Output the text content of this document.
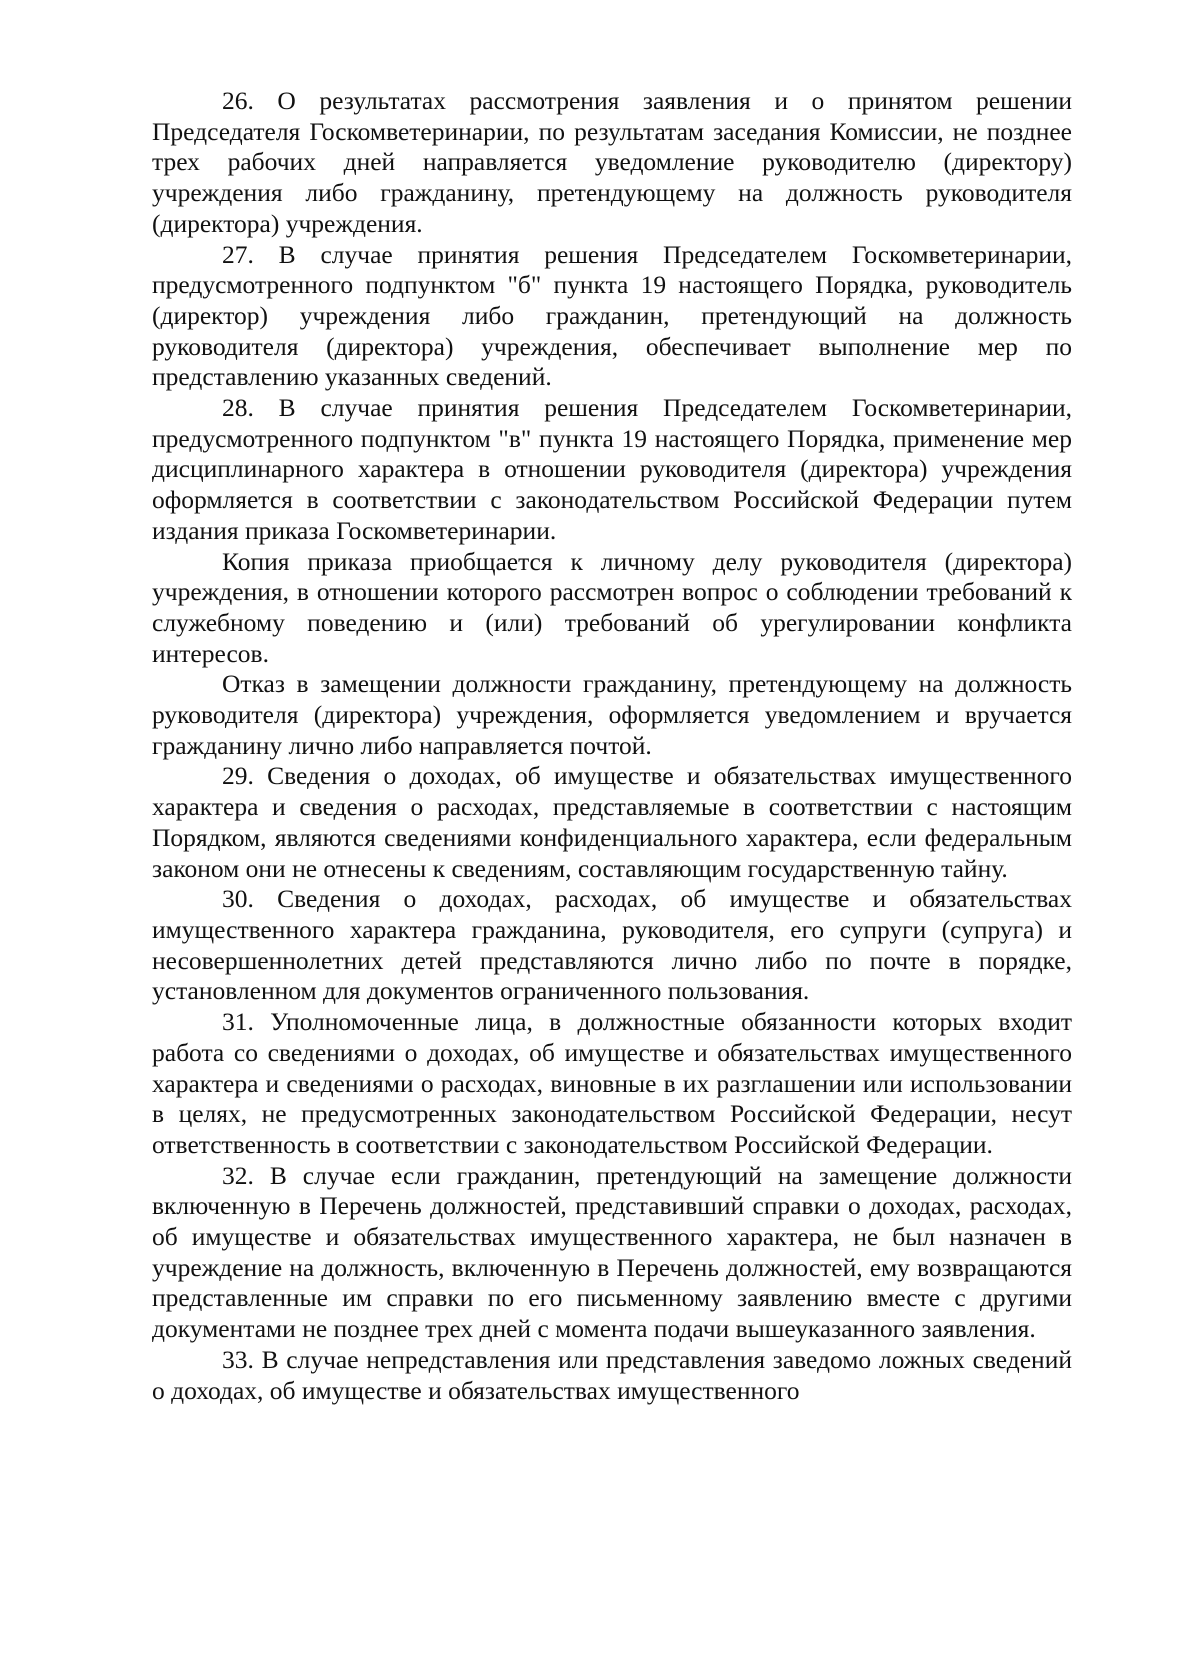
26. О результатах рассмотрения заявления и о принятом решении Председателя Госкомветеринарии, по результатам заседания Комиссии, не позднее трех рабочих дней направляется уведомление руководителю (директору) учреждения либо гражданину, претендующему на должность руководителя (директора) учреждения.

27. В случае принятия решения Председателем Госкомветеринарии, предусмотренного подпунктом "б" пункта 19 настоящего Порядка, руководитель (директор) учреждения либо гражданин, претендующий на должность руководителя (директора) учреждения, обеспечивает выполнение мер по представлению указанных сведений.

28. В случае принятия решения Председателем Госкомветеринарии, предусмотренного подпунктом "в" пункта 19 настоящего Порядка, применение мер дисциплинарного характера в отношении руководителя (директора) учреждения оформляется в соответствии с законодательством Российской Федерации путем издания приказа Госкомветеринарии.

Копия приказа приобщается к личному делу руководителя (директора) учреждения, в отношении которого рассмотрен вопрос о соблюдении требований к служебному поведению и (или) требований об урегулировании конфликта интересов.

Отказ в замещении должности гражданину, претендующему на должность руководителя (директора) учреждения, оформляется уведомлением и вручается гражданину лично либо направляется почтой.

29. Сведения о доходах, об имуществе и обязательствах имущественного характера и сведения о расходах, представляемые в соответствии с настоящим Порядком, являются сведениями конфиденциального характера, если федеральным законом они не отнесены к сведениям, составляющим государственную тайну.

30. Сведения о доходах, расходах, об имуществе и обязательствах имущественного характера гражданина, руководителя, его супруги (супруга) и несовершеннолетних детей представляются лично либо по почте в порядке, установленном для документов ограниченного пользования.

31. Уполномоченные лица, в должностные обязанности которых входит работа со сведениями о доходах, об имуществе и обязательствах имущественного характера и сведениями о расходах, виновные в их разглашении или использовании в целях, не предусмотренных законодательством Российской Федерации, несут ответственность в соответствии с законодательством Российской Федерации.

32. В случае если гражданин, претендующий на замещение должности включенную в Перечень должностей, представивший справки о доходах, расходах, об имуществе и обязательствах имущественного характера, не был назначен в учреждение на должность, включенную в Перечень должностей, ему возвращаются представленные им справки по его письменному заявлению вместе с другими документами не позднее трех дней с момента подачи вышеуказанного заявления.

33. В случае непредставления или представления заведомо ложных сведений о доходах, об имуществе и обязательствах имущественного
